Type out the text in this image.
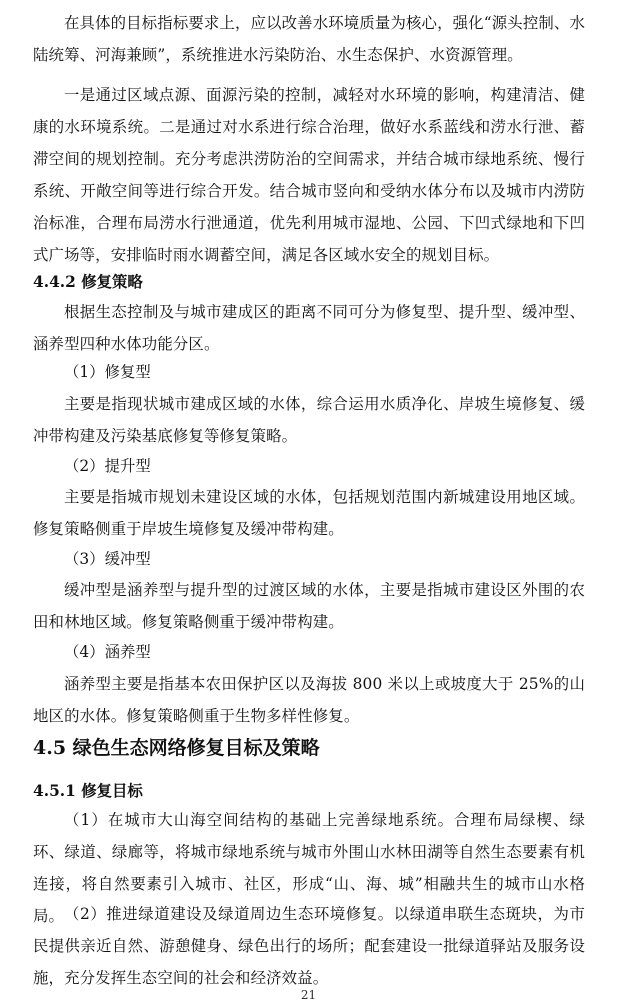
在具体的目标指标要求上，应以改善水环境质量为核心，强化“源头控制、水陆统筹、河海兼顾”，系统推进水污染防治、水生态保护、水资源管理。
一是通过区域点源、面源污染的控制，减轻对水环境的影响，构建清洁、健康的水环境系统。二是通过对水系进行综合治理，做好水系蓝线和涝水行泄、蓄滞空间的规划控制。充分考虑洪涝防治的空间需求，并结合城市绿地系统、慢行系统、开敞空间等进行综合开发。结合城市竖向和受纳水体分布以及城市内涝防治标准，合理布局涝水行泄通道，优先利用城市湿地、公园、下凹式绿地和下凹式广场等，安排临时雨水调蓄空间，满足各区域水安全的规划目标。
4.4.2 修复策略
根据生态控制及与城市建成区的距离不同可分为修复型、提升型、缓冲型、涵养型四种水体功能分区。
（1）修复型
主要是指现状城市建成区域的水体，综合运用水质净化、岸坡生境修复、缓冲带构建及污染基底修复等修复策略。
（2）提升型
主要是指城市规划未建设区域的水体，包括规划范围内新城建设用地区域。修复策略侧重于岸坡生境修复及缓冲带构建。
（3）缓冲型
缓冲型是涵养型与提升型的过渡区域的水体，主要是指城市建设区外围的农田和林地区域。修复策略侧重于缓冲带构建。
（4）涵养型
涵养型主要是指基本农田保护区以及海拔 800 米以上或坡度大于 25%的山地区的水体。修复策略侧重于生物多样性修复。
4.5 绿色生态网络修复目标及策略
4.5.1 修复目标
（1）在城市大山海空间结构的基础上完善绿地系统。合理布局绿楔、绿环、绿道、绿廊等，将城市绿地系统与城市外围山水林田湖等自然生态要素有机连接，将自然要素引入城市、社区，形成“山、海、城”相融共生的城市山水格局。 （2）推进绿道建设及绿道周边生态环境修复。以绿道串联生态斑块，为市民提供亲近自然、游憩健身、绿色出行的场所；配套建设一批绿道驿站及服务设施，充分发挥生态空间的社会和经济效益。
21
